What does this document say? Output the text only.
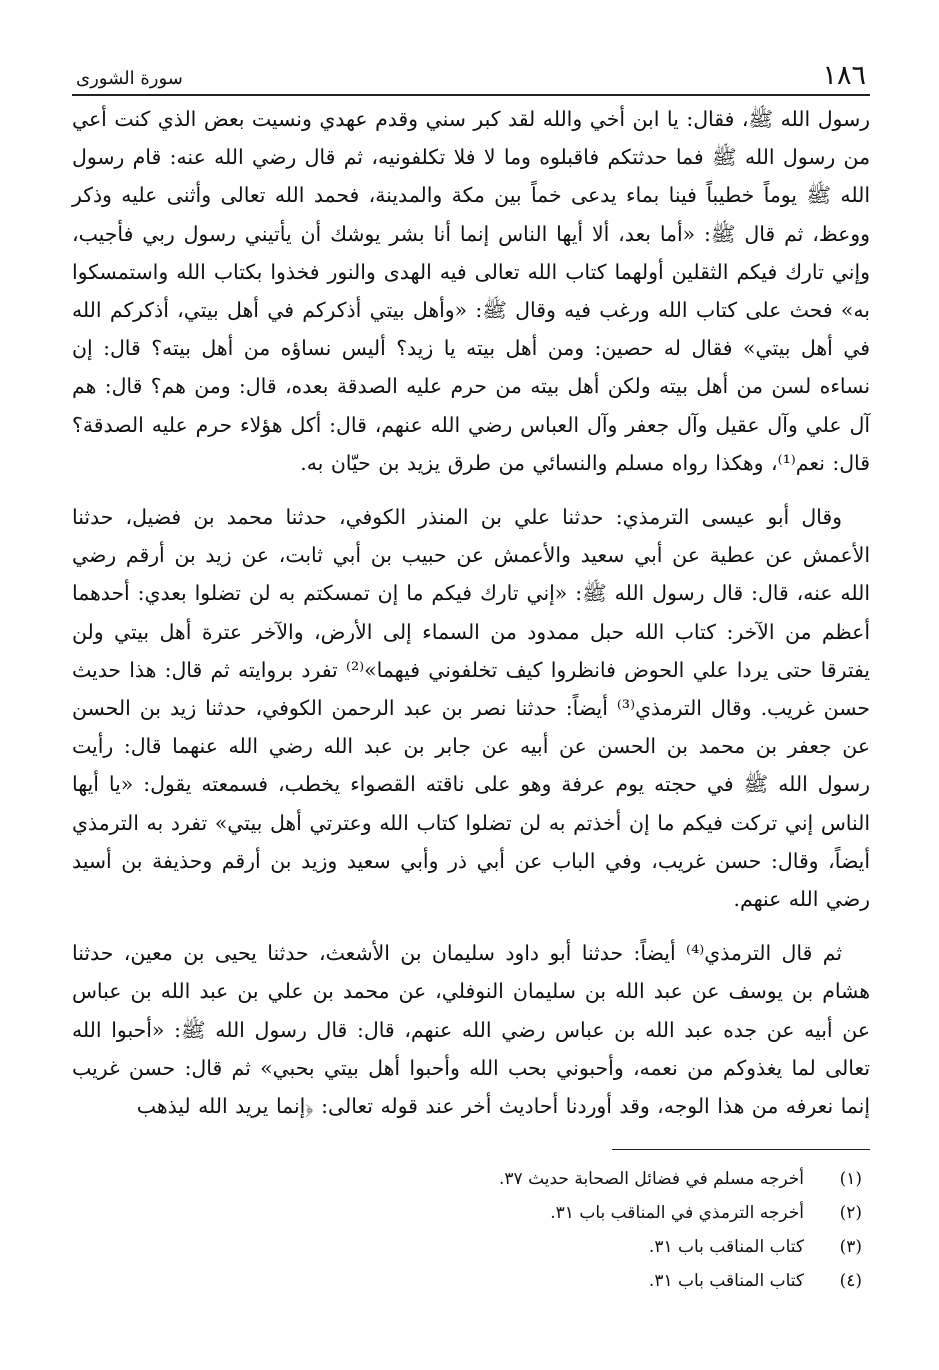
١٨٦
سورة الشورى

رسول الله ﷺ، فقال: يا ابن أخي والله لقد كبر سني وقدم عهدي ونسيت بعض الذي كنت أعي من رسول الله ﷺ فما حدثتكم فاقبلوه وما لا فلا تكلفونيه، ثم قال رضي الله عنه: قام رسول الله ﷺ يوماً خطيباً فينا بماء يدعى خماً بين مكة والمدينة، فحمد الله تعالى وأثنى عليه وذكر ووعظ، ثم قال ﷺ: «أما بعد، ألا أيها الناس إنما أنا بشر يوشك أن يأتيني رسول ربي فأجيب، وإني تارك فيكم الثقلين أولهما كتاب الله تعالى فيه الهدى والنور فخذوا بكتاب الله واستمسكوا به» فحث على كتاب الله ورغب فيه وقال ﷺ: «وأهل بيتي أذكركم في أهل بيتي، أذكركم الله في أهل بيتي» فقال له حصين: ومن أهل بيته يا زيد؟ أليس نساؤه من أهل بيته؟ قال: إن نساءه لسن من أهل بيته ولكن أهل بيته من حرم عليه الصدقة بعده، قال: ومن هم؟ قال: هم آل علي وآل عقيل وآل جعفر وآل العباس رضي الله عنهم، قال: أكل هؤلاء حرم عليه الصدقة؟ قال: نعم⁽¹⁾، وهكذا رواه مسلم والنسائي من طرق يزيد بن حيّان به.

وقال أبو عيسى الترمذي: حدثنا علي بن المنذر الكوفي، حدثنا محمد بن فضيل، حدثنا الأعمش عن عطية عن أبي سعيد والأعمش عن حبيب بن أبي ثابت، عن زيد بن أرقم رضي الله عنه، قال: قال رسول الله ﷺ: «إني تارك فيكم ما إن تمسكتم به لن تضلوا بعدي: أحدهما أعظم من الآخر: كتاب الله حبل ممدود من السماء إلى الأرض، والآخر عترة أهل بيتي ولن يفترقا حتى يردا علي الحوض فانظروا كيف تخلفوني فيهما»⁽²⁾ تفرد بروايته ثم قال: هذا حديث حسن غريب. وقال الترمذي⁽³⁾ أيضاً: حدثنا نصر بن عبد الرحمن الكوفي، حدثنا زيد بن الحسن عن جعفر بن محمد بن الحسن عن أبيه عن جابر بن عبد الله رضي الله عنهما قال: رأيت رسول الله ﷺ في حجته يوم عرفة وهو على ناقته القصواء يخطب، فسمعته يقول: «يا أيها الناس إني تركت فيكم ما إن أخذتم به لن تضلوا كتاب الله وعترتي أهل بيتي» تفرد به الترمذي أيضاً، وقال: حسن غريب، وفي الباب عن أبي ذر وأبي سعيد وزيد بن أرقم وحذيفة بن أسيد رضي الله عنهم.

ثم قال الترمذي⁽⁴⁾ أيضاً: حدثنا أبو داود سليمان بن الأشعث، حدثنا يحيى بن معين، حدثنا هشام بن يوسف عن عبد الله بن سليمان النوفلي، عن محمد بن علي بن عبد الله بن عباس عن أبيه عن جده عبد الله بن عباس رضي الله عنهم، قال: قال رسول الله ﷺ: «أحبوا الله تعالى لما يغذوكم من نعمه، وأحبوني بحب الله وأحبوا أهل بيتي بحبي» ثم قال: حسن غريب إنما نعرفه من هذا الوجه، وقد أوردنا أحاديث أخر عند قوله تعالى: ﴿إنما يريد الله ليذهب

(١)
أخرجه مسلم في فضائل الصحابة حديث ٣٧.
(٢)
أخرجه الترمذي في المناقب باب ٣١.
(٣)
كتاب المناقب باب ٣١.
(٤)
كتاب المناقب باب ٣١.
